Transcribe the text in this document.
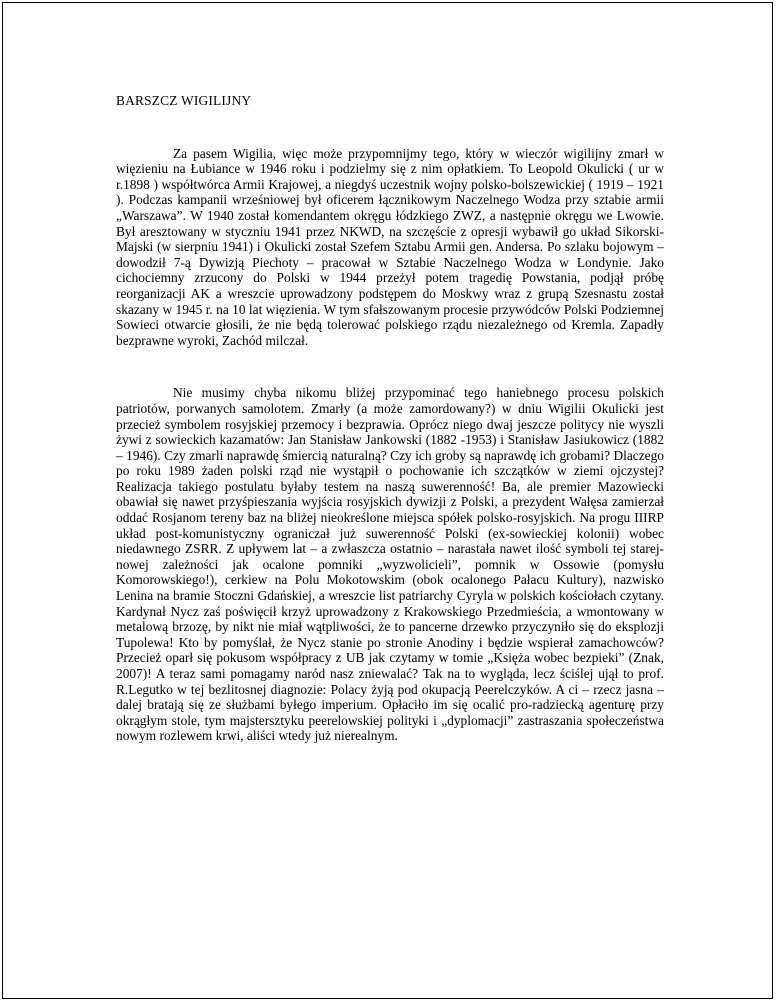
BARSZCZ WIGILIJNY

Za pasem Wigilia, więc może przypomnijmy tego, który w wieczór wigilijny zmarł w więzieniu na Łubiance w 1946 roku i podzielmy się z nim opłatkiem. To Leopold Okulicki ( ur w r.1898 ) współtwórca Armii Krajowej, a niegdyś uczestnik wojny polsko-bolszewickiej ( 1919 – 1921 ). Podczas kampanii wrześniowej był oficerem łącznikowym Naczelnego Wodza przy sztabie armii „Warszawa”. W 1940 został komendantem okręgu łódzkiego ZWZ, a następnie okręgu we Lwowie. Był aresztowany w styczniu 1941 przez NKWD, na szczęście z opresji wybawił go układ Sikorski-Majski (w sierpniu 1941) i Okulicki został Szefem Sztabu Armii gen. Andersa. Po szlaku bojowym – dowodził 7-ą Dywizją Piechoty – pracował w Sztabie Naczelnego Wodza w Londynie. Jako cichociemny zrzucony do Polski w 1944 przeżył potem tragedię Powstania, podjął próbę reorganizacji AK a wreszcie uprowadzony podstępem do Moskwy wraz z grupą Szesnastu został skazany w 1945 r. na 10 lat więzienia. W tym sfałszowanym procesie przywódców Polski Podziemnej Sowieci otwarcie głosili, że nie będą tolerować polskiego rządu niezależnego od Kremla. Zapadły bezprawne wyroki, Zachód milczał.

Nie musimy chyba nikomu bliżej przypominać tego haniebnego procesu polskich patriotów, porwanych samolotem. Zmarły (a może zamordowany?) w dniu Wigilii Okulicki jest przecież symbolem rosyjskiej przemocy i bezprawia. Oprócz niego dwaj jeszcze politycy nie wyszli żywi z sowieckich kazamatów: Jan Stanisław Jankowski (1882 -1953) i Stanisław Jasiukowicz (1882 – 1946). Czy zmarli naprawdę śmiercią naturalną? Czy ich groby są naprawdę ich grobami? Dlaczego po roku 1989 żaden polski rząd nie wystąpił o pochowanie ich szczątków w ziemi ojczystej? Realizacja takiego postulatu byłaby testem na naszą suwerenność! Ba, ale premier Mazowiecki obawiał się nawet przyśpieszania wyjścia rosyjskich dywizji z Polski, a prezydent Wałęsa zamierzał oddać Rosjanom tereny baz na bliżej nieokreślone miejsca spółek polsko-rosyjskich. Na progu IIIRP układ post-komunistyczny ograniczał już suwerenność Polski (ex-sowieckiej kolonii) wobec niedawnego ZSRR. Z upływem lat – a zwłaszcza ostatnio – narastała nawet ilość symboli tej starej-nowej zależności jak ocalone pomniki „wyzwolicieli”, pomnik w Ossowie (pomysłu Komorowskiego!), cerkiew na Polu Mokotowskim (obok ocalonego Pałacu Kultury), nazwisko Lenina na bramie Stoczni Gdańskiej, a wreszcie list patriarchy Cyryla w polskich kościołach czytany. Kardynał Nycz zaś poświęcił krzyż uprowadzony z Krakowskiego Przedmieścia, a wmontowany w metalową brzozę, by nikt nie miał wątpliwości, że to pancerne drzewko przyczyniło się do eksplozji Tupolewa! Kto by pomyślał, że Nycz stanie po stronie Anodiny i będzie wspierał zamachowców? Przecież oparł się pokusom współpracy z UB jak czytamy w tomie „Księża wobec bezpieki” (Znak, 2007)! A teraz sami pomagamy naród nasz zniewalać? Tak na to wygląda, lecz ściślej ujął to prof. R.Legutko w tej bezlitosnej diagnozie: Polacy żyją pod okupacją Peerelczyków. A ci – rzecz jasna – dalej bratają się ze służbami byłego imperium. Opłaciło im się ocalić pro-radziecką agenturę przy okrągłym stole, tym majstersztyku peerelowskiej polityki i „dyplomacji” zastraszania społeczeństwa nowym rozlewem krwi, aliści wtedy już nierealnym.
